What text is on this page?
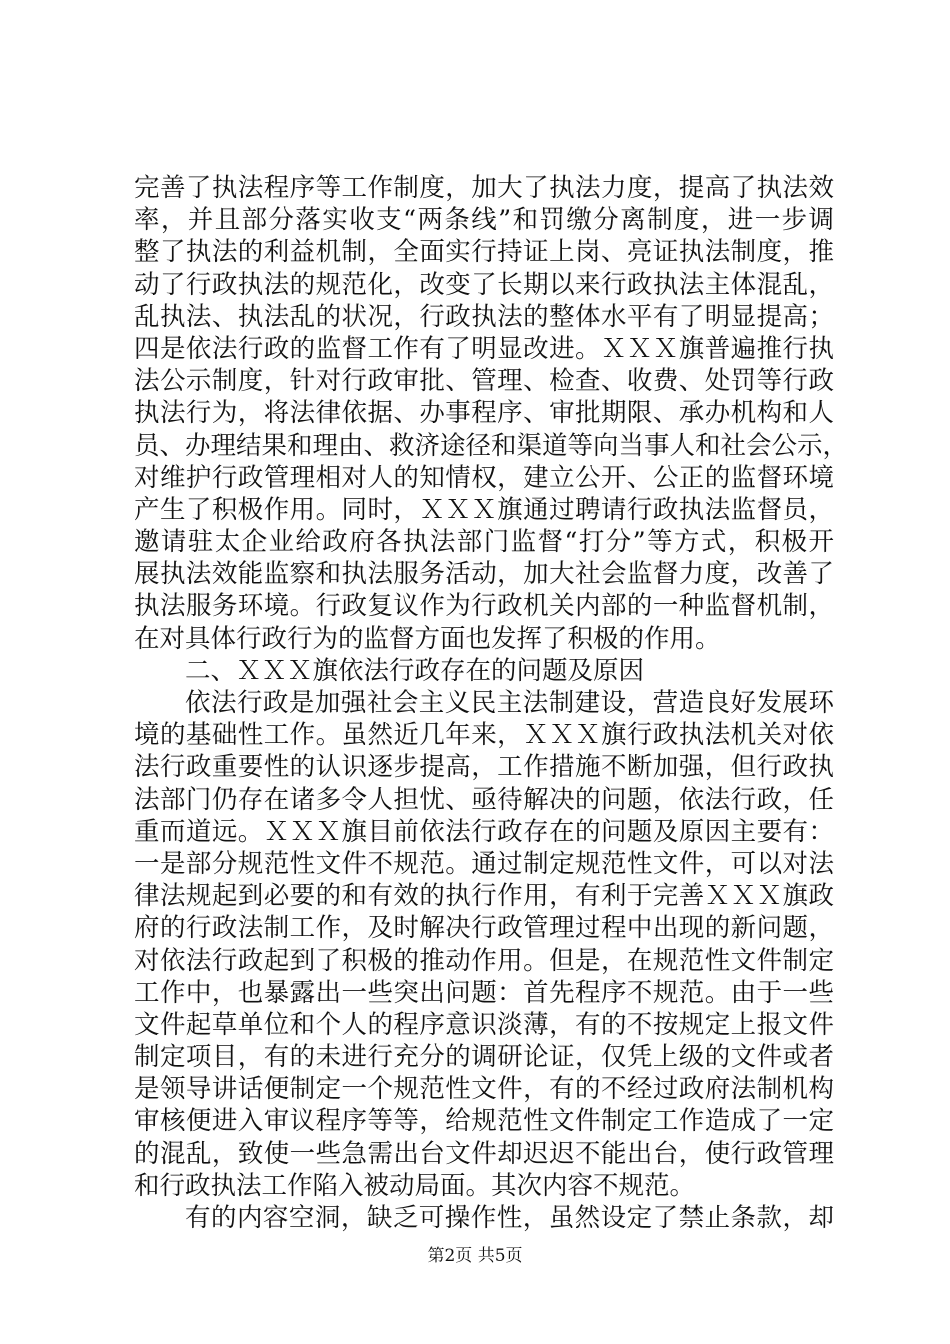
完善了执法程序等工作制度，加大了执法力度，提高了执法效
率，并且部分落实收支“两条线”和罚缴分离制度，进一步调
整了执法的利益机制，全面实行持证上岗、亮证执法制度，推
动了行政执法的规范化，改变了长期以来行政执法主体混乱，
乱执法、执法乱的状况，行政执法的整体水平有了明显提高；
四是依法行政的监督工作有了明显改进。ＸＸＸ旗普遍推行执
法公示制度，针对行政审批、管理、检查、收费、处罚等行政
执法行为，将法律依据、办事程序、审批期限、承办机构和人
员、办理结果和理由、救济途径和渠道等向当事人和社会公示，
对维护行政管理相对人的知情权，建立公开、公正的监督环境
产生了积极作用。同时，ＸＸＸ旗通过聘请行政执法监督员，
邀请驻太企业给政府各执法部门监督“打分”等方式，积极开
展执法效能监察和执法服务活动，加大社会监督力度，改善了
执法服务环境。行政复议作为行政机关内部的一种监督机制，
在对具体行政行为的监督方面也发挥了积极的作用。
二、ＸＸＸ旗依法行政存在的问题及原因
依法行政是加强社会主义民主法制建设，营造良好发展环
境的基础性工作。虽然近几年来，ＸＸＸ旗行政执法机关对依
法行政重要性的认识逐步提高，工作措施不断加强，但行政执
法部门仍存在诸多令人担忧、亟待解决的问题，依法行政，任
重而道远。ＸＸＸ旗目前依法行政存在的问题及原因主要有：
一是部分规范性文件不规范。通过制定规范性文件，可以对法
律法规起到必要的和有效的执行作用，有利于完善ＸＸＸ旗政
府的行政法制工作，及时解决行政管理过程中出现的新问题，
对依法行政起到了积极的推动作用。但是，在规范性文件制定
工作中，也暴露出一些突出问题：首先程序不规范。由于一些
文件起草单位和个人的程序意识淡薄，有的不按规定上报文件
制定项目，有的未进行充分的调研论证，仅凭上级的文件或者
是领导讲话便制定一个规范性文件，有的不经过政府法制机构
审核便进入审议程序等等，给规范性文件制定工作造成了一定
的混乱，致使一些急需出台文件却迟迟不能出台，使行政管理
和行政执法工作陷入被动局面。其次内容不规范。
有的内容空洞，缺乏可操作性，虽然设定了禁止条款，却
第2页 共5页
